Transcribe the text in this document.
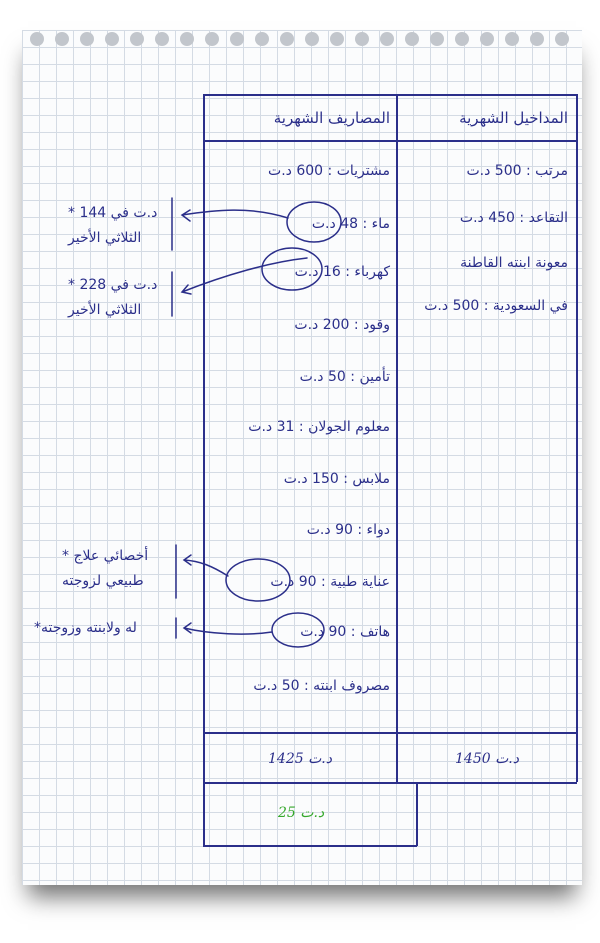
المداخيل الشهرية
المصاريف الشهرية
مرتب : 500 د.ت
التقاعد : 450 د.ت
معونة ابنته القاطنة
في السعودية : 500 د.ت
مشتريات : 600 د.ت
ماء : 48 د.ت
كهرباء : 16 د.ت
وقود : 200 د.ت
تأمين : 50 د.ت
معلوم الجولان : 31 د.ت
ملابس : 150 د.ت
دواء : 90 د.ت
عناية طبية : 90 د.ت
هاتف : 90 د.ت
مصروف ابنته : 50 د.ت
1450 د.ت
1425 د.ت
25 د.ت
* 144 د.ت في
الثلاثي الأخير
* 228 د.ت في
الثلاثي الأخير
* أخصائي علاج
طبيعي لزوجته
*له ولابنته وزوجته
